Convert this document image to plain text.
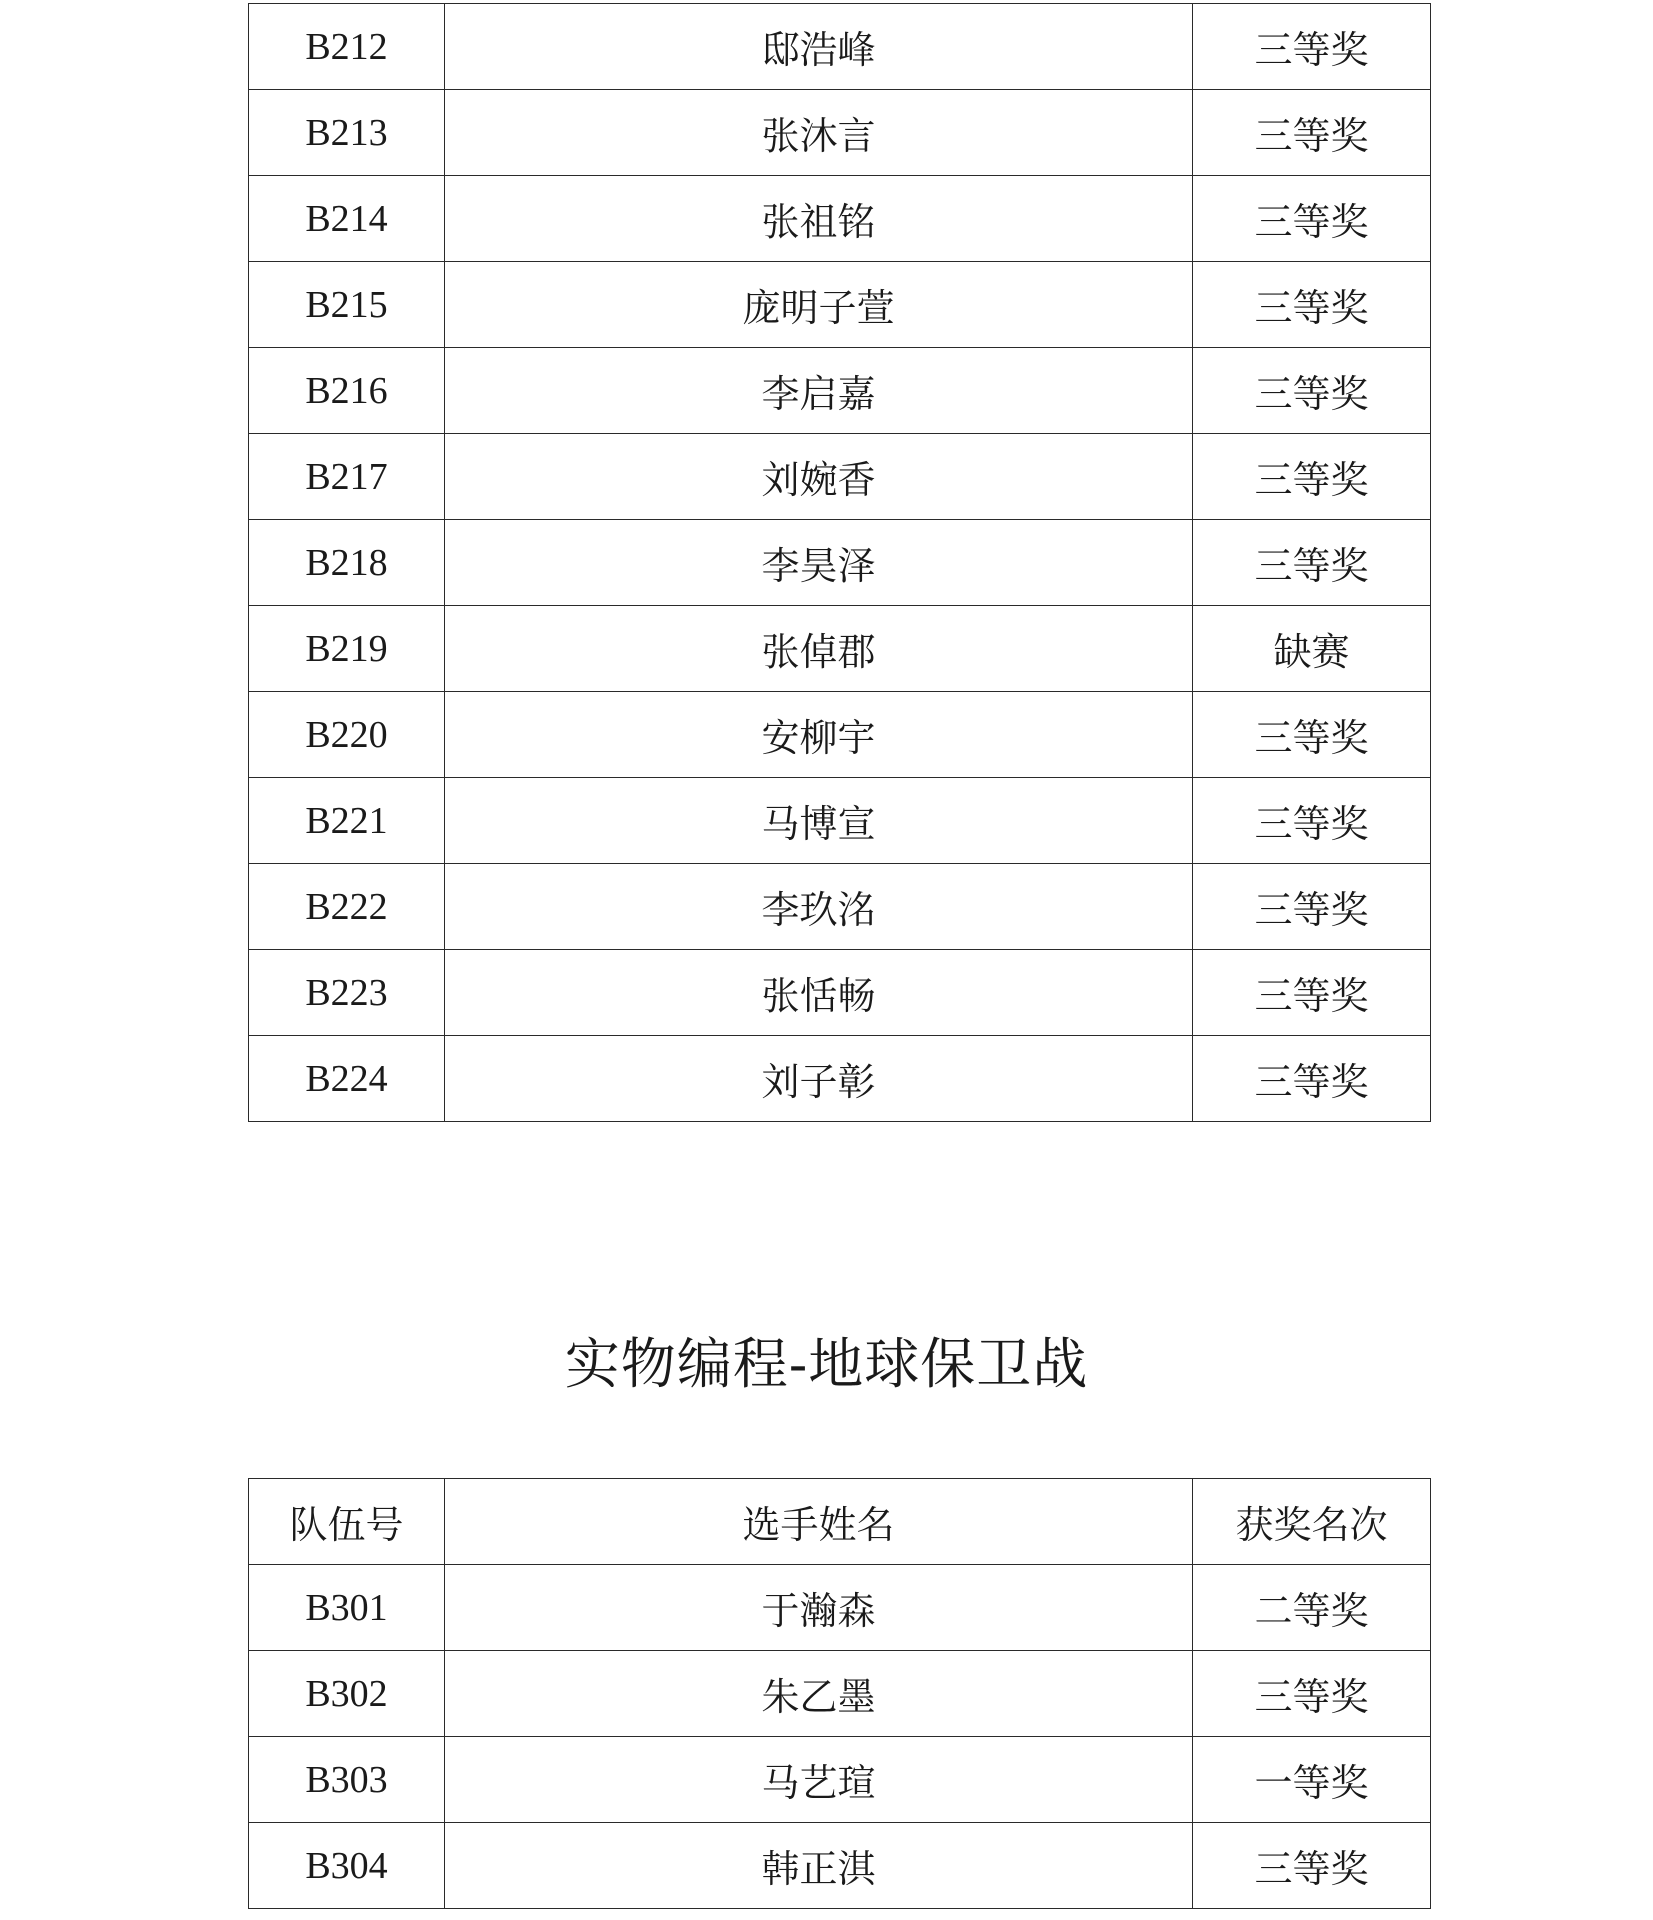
B212	邸浩峰	三等奖
B213	张沐言	三等奖
B214	张祖铭	三等奖
B215	庞明子萱	三等奖
B216	李启嘉	三等奖
B217	刘婉香	三等奖
B218	李昊泽	三等奖
B219	张倬郡	缺赛
B220	安柳宇	三等奖
B221	马博宣	三等奖
B222	李玖洺	三等奖
B223	张恬畅	三等奖
B224	刘子彰	三等奖
实物编程-地球保卫战
队伍号	选手姓名	获奖名次
B301	于瀚森	二等奖
B302	朱乙墨	三等奖
B303	马艺瑄	一等奖
B304	韩正淇	三等奖
